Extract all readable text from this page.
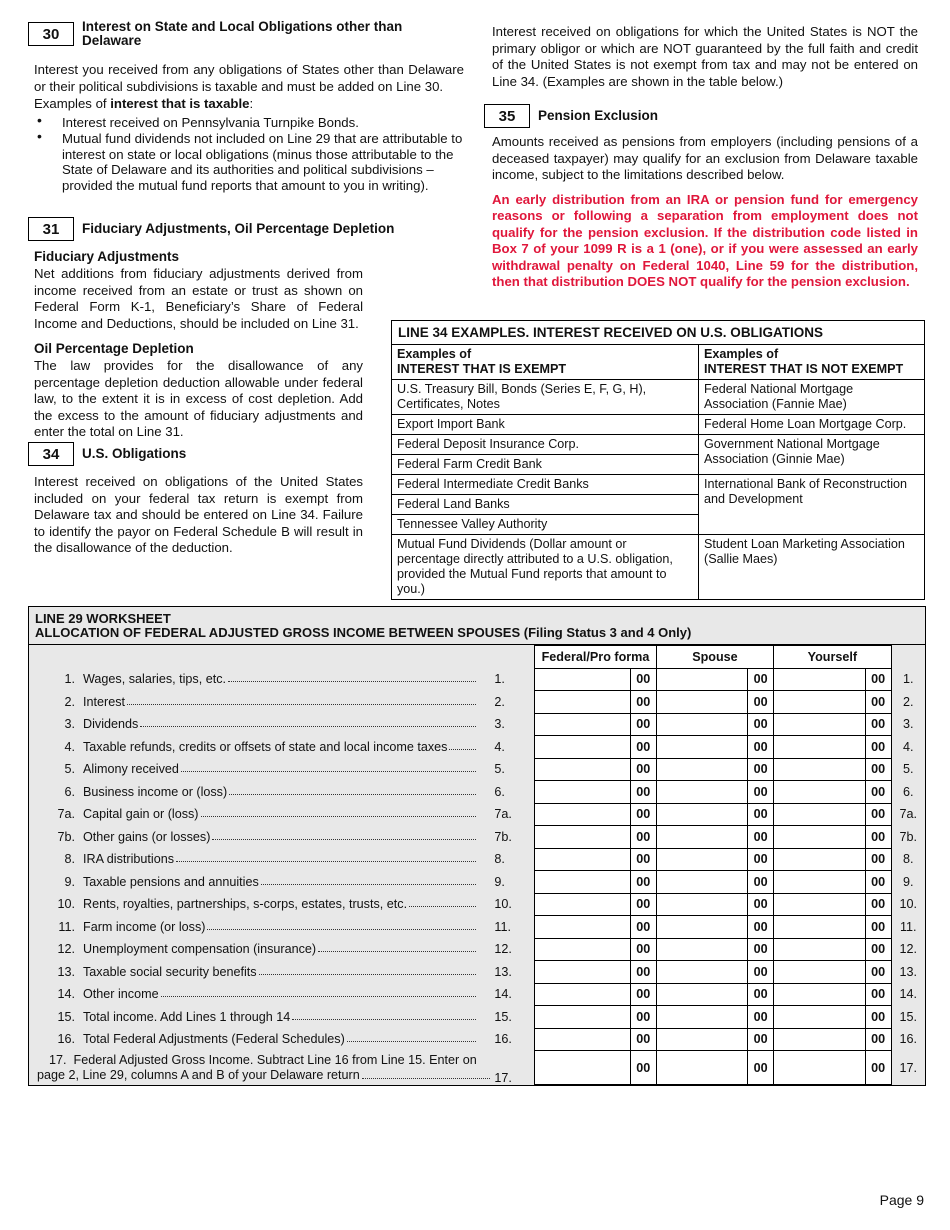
30	Interest on State and Local Obligations other than Delaware

Interest you received from any obligations of States other than Delaware or their political subdivisions is taxable and must be added on Line 30.

Examples of interest that is taxable:

• Interest received on Pennsylvania Turnpike Bonds.
• Mutual fund dividends not included on Line 29 that are attributable to interest on state or local obligations (minus those attributable to the State of Delaware and its authorities and political subdivisions – provided the mutual fund reports that amount to you in writing).
31	Fiduciary Adjustments, Oil Percentage Depletion
Fiduciary Adjustments

Net additions from fiduciary adjustments derived from income received from an estate or trust as shown on Federal Form K-1, Beneficiary’s Share of Federal Income and Deductions, should be included on Line 31.

Oil Percentage Depletion

The law provides for the disallowance of any percentage depletion deduction allowable under federal law, to the extent it is in excess of cost depletion. Add the excess to the amount of fiduciary adjustments and enter the total on Line 31.

34	U.S. Obligations

Interest received on obligations of the United States included on your federal tax return is exempt from Delaware tax and should be entered on Line 34. Failure to identify the payor on Federal Schedule B will result in the disallowance of the deduction.

Interest received on obligations for which the United States is NOT the primary obligor or which are NOT guaranteed by the full faith and credit of the United States is not exempt from tax and may not be entered on Line 34. (Examples are shown in the table below.)

35	Pension Exclusion

Amounts received as pensions from employers (including pensions of a deceased taxpayer) may qualify for an exclusion from Delaware taxable income, subject to the limitations described below.

An early distribution from an IRA or pension fund for emergency reasons or following a separation from employment does not qualify for the pension exclusion. If the distribution code listed in Box 7 of your 1099 R is a 1 (one), or if you were assessed an early withdrawal penalty on Federal 1040, Line 59 for the distribution, then that distribution DOES NOT qualify for the pension exclusion.

LINE 34 EXAMPLES. INTEREST RECEIVED ON U.S. OBLIGATIONS	
Examples of
INTEREST THAT IS EXEMPT	Examples of
INTEREST THAT IS NOT EXEMPT
U.S. Treasury Bill, Bonds (Series E, F, G, H), Certificates, Notes	Federal National Mortgage Association (Fannie Mae)
Export Import Bank	Federal Home Loan Mortgage Corp.
Federal Deposit Insurance Corp.	Government National Mortgage Association (Ginnie Mae)
Federal Farm Credit Bank	
Federal Intermediate Credit Banks	International Bank of Reconstruction and Development
Federal Land Banks	
Tennessee Valley Authority	
Mutual Fund Dividends (Dollar amount or percentage directly attributed to a U.S. obligation, provided the Mutual Fund reports that amount to you.)	Student Loan Marketing Association (Sallie Maes)
LINE 29 WORKSHEET
ALLOCATION OF FEDERAL ADJUSTED GROSS INCOME BETWEEN SPOUSES (Filing Status 3 and 4 Only)
		Federal/Pro forma		Spouse		Yourself		

1. Wages, salaries, tips, etc.	1.		00		00		00	1.

2. Interest	2.		00		00		00	2.

3. Dividends	3.		00		00		00	3.

4. Taxable refunds, credits or offsets of state and local income taxes	4.		00		00		00	4.

5. Alimony received	5.		00		00		00	5.

6. Business income or (loss)	6.		00		00		00	6.

7a. Capital gain or (loss)	7a.		00		00		00	7a.

7b. Other gains (or losses)	7b.		00		00		00	7b.

8. IRA distributions	8.		00		00		00	8.

9. Taxable pensions and annuities	9.		00		00		00	9.

10. Rents, royalties, partnerships, s-corps, estates, trusts, etc.	10.		00		00		00	10.

11. Farm income (or loss)	11.		00		00		00	11.

12. Unemployment compensation (insurance)	12.		00		00		00	12.

13. Taxable social security benefits	13.		00		00		00	13.

14. Other income	14.		00		00		00	14.

15. Total income. Add Lines 1 through 14	15.		00		00		00	15.

16. Total Federal Adjustments (Federal Schedules)	16.		00		00		00	16.

17. Federal Adjusted Gross Income. Subtract Line 16 from Line 15. Enter on
page 2, Line 29, columns A and B of your Delaware return	17.		00		00		00	17.
Page 9
